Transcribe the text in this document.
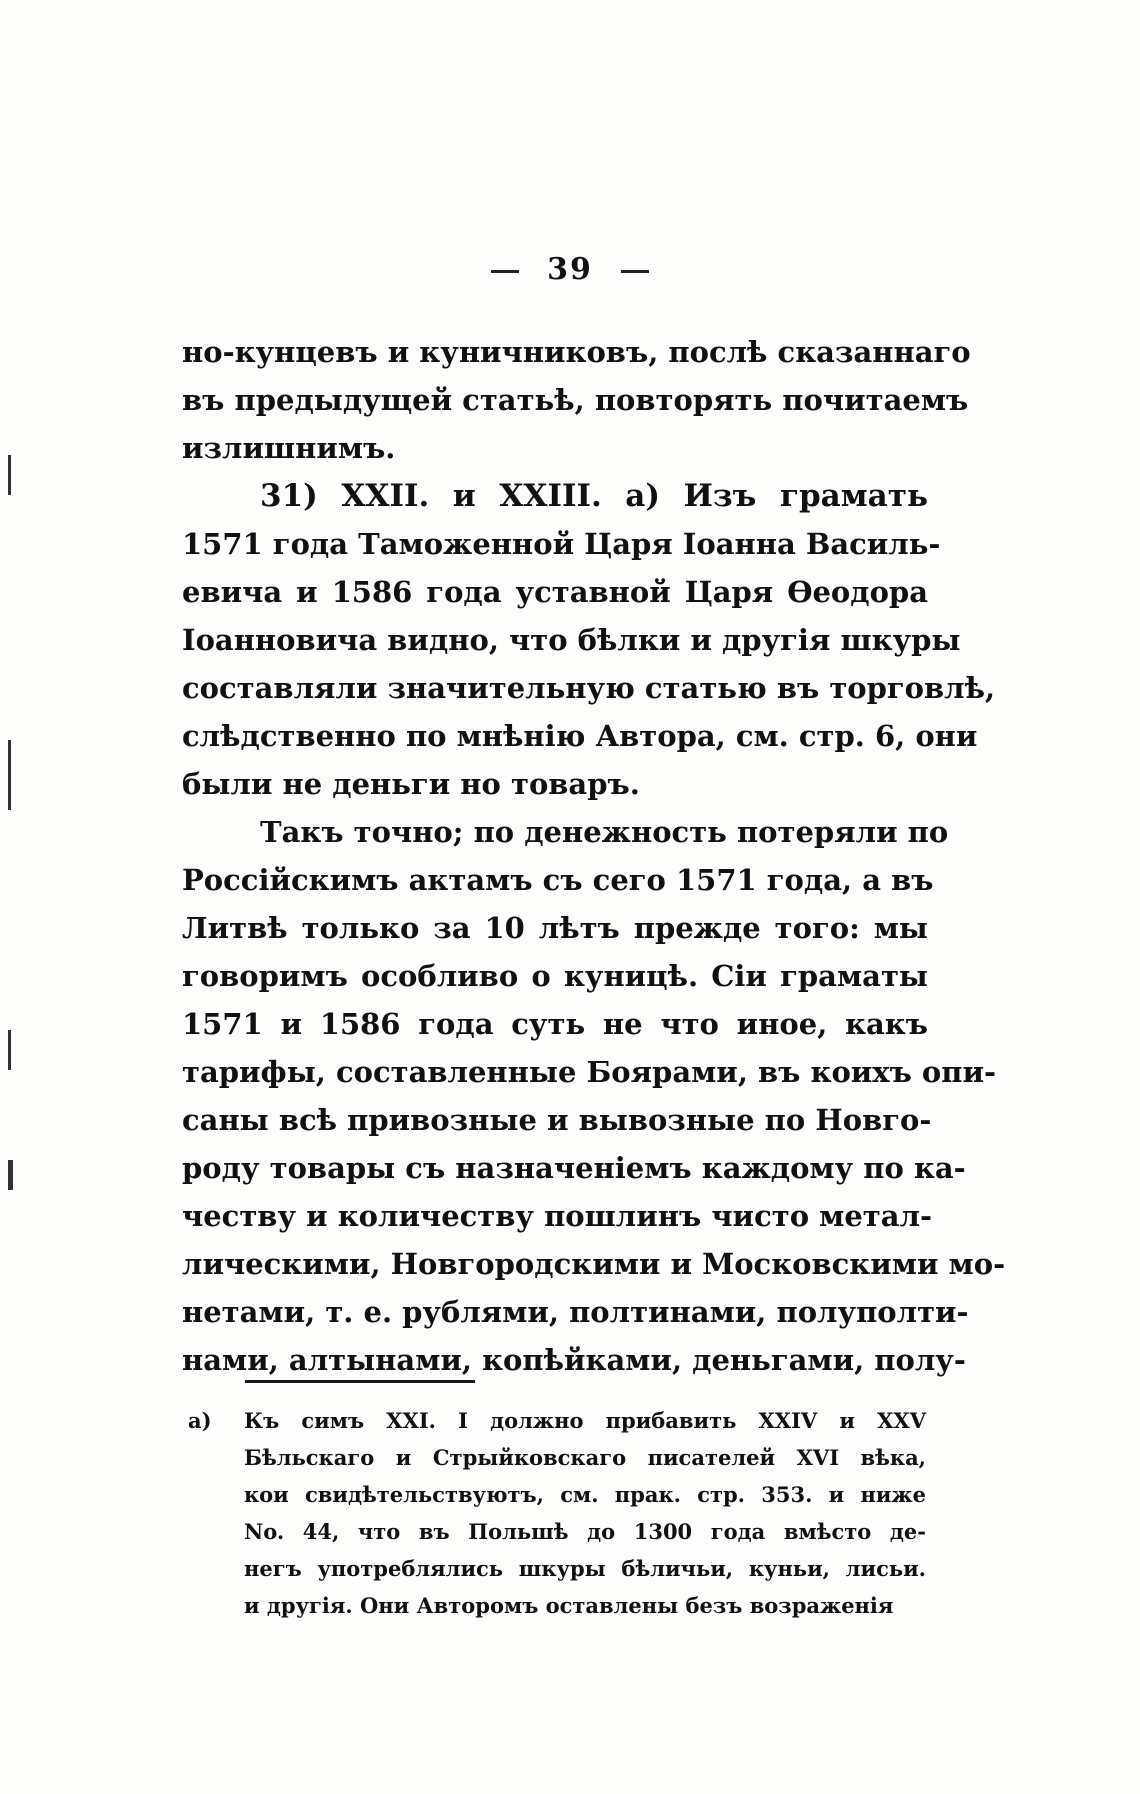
39
но-кунцевъ и куничниковъ, послѣ сказаннаго
въ предыдущей статьѣ, повторять почитаемъ
излишнимъ.
31) XXII. и XXIII. а) Изъ грамать
1571 года Таможенной Царя Іоанна Василь-
евича и 1586 года уставной Царя Ѳеодора
Іоанновича видно, что бѣлки и другія шкуры
составляли значительную статью въ торговлѣ,
слѣдственно по мнѣнію Автора, см. стр. 6, они
были не деньги но товаръ.
Такъ точно; по денежность потеряли по
Россійскимъ актамъ съ сего 1571 года, а въ
Литвѣ только за 10 лѣтъ прежде того: мы
говоримъ особливо о куницѣ. Сіи граматы
1571 и 1586 года суть не что иное, какъ
тарифы, составленные Боярами, въ коихъ опи-
саны всѣ привозные и вывозные по Новго-
роду товары съ назначеніемъ каждому по ка-
честву и количеству пошлинъ чисто метал-
лическими, Новгородскими и Московскими мо-
нетами, т. е. рублями, полтинами, полуполти-
нами, алтынами, копѣйками, деньгами, полу-
а) Къ симъ XXI. I должно прибавить XXIV и XXV
Бѣльскаго и Стрыйковскаго писателей XVI вѣка,
кои свидѣтельствуютъ, см. прак. стр. 353. и ниже
No. 44, что въ Польшѣ до 1300 года вмѣсто де-
негъ употреблялись шкуры бѣличьи, куньи, лисьи.
и другія. Они Авторомъ оставлены безъ возраженія
